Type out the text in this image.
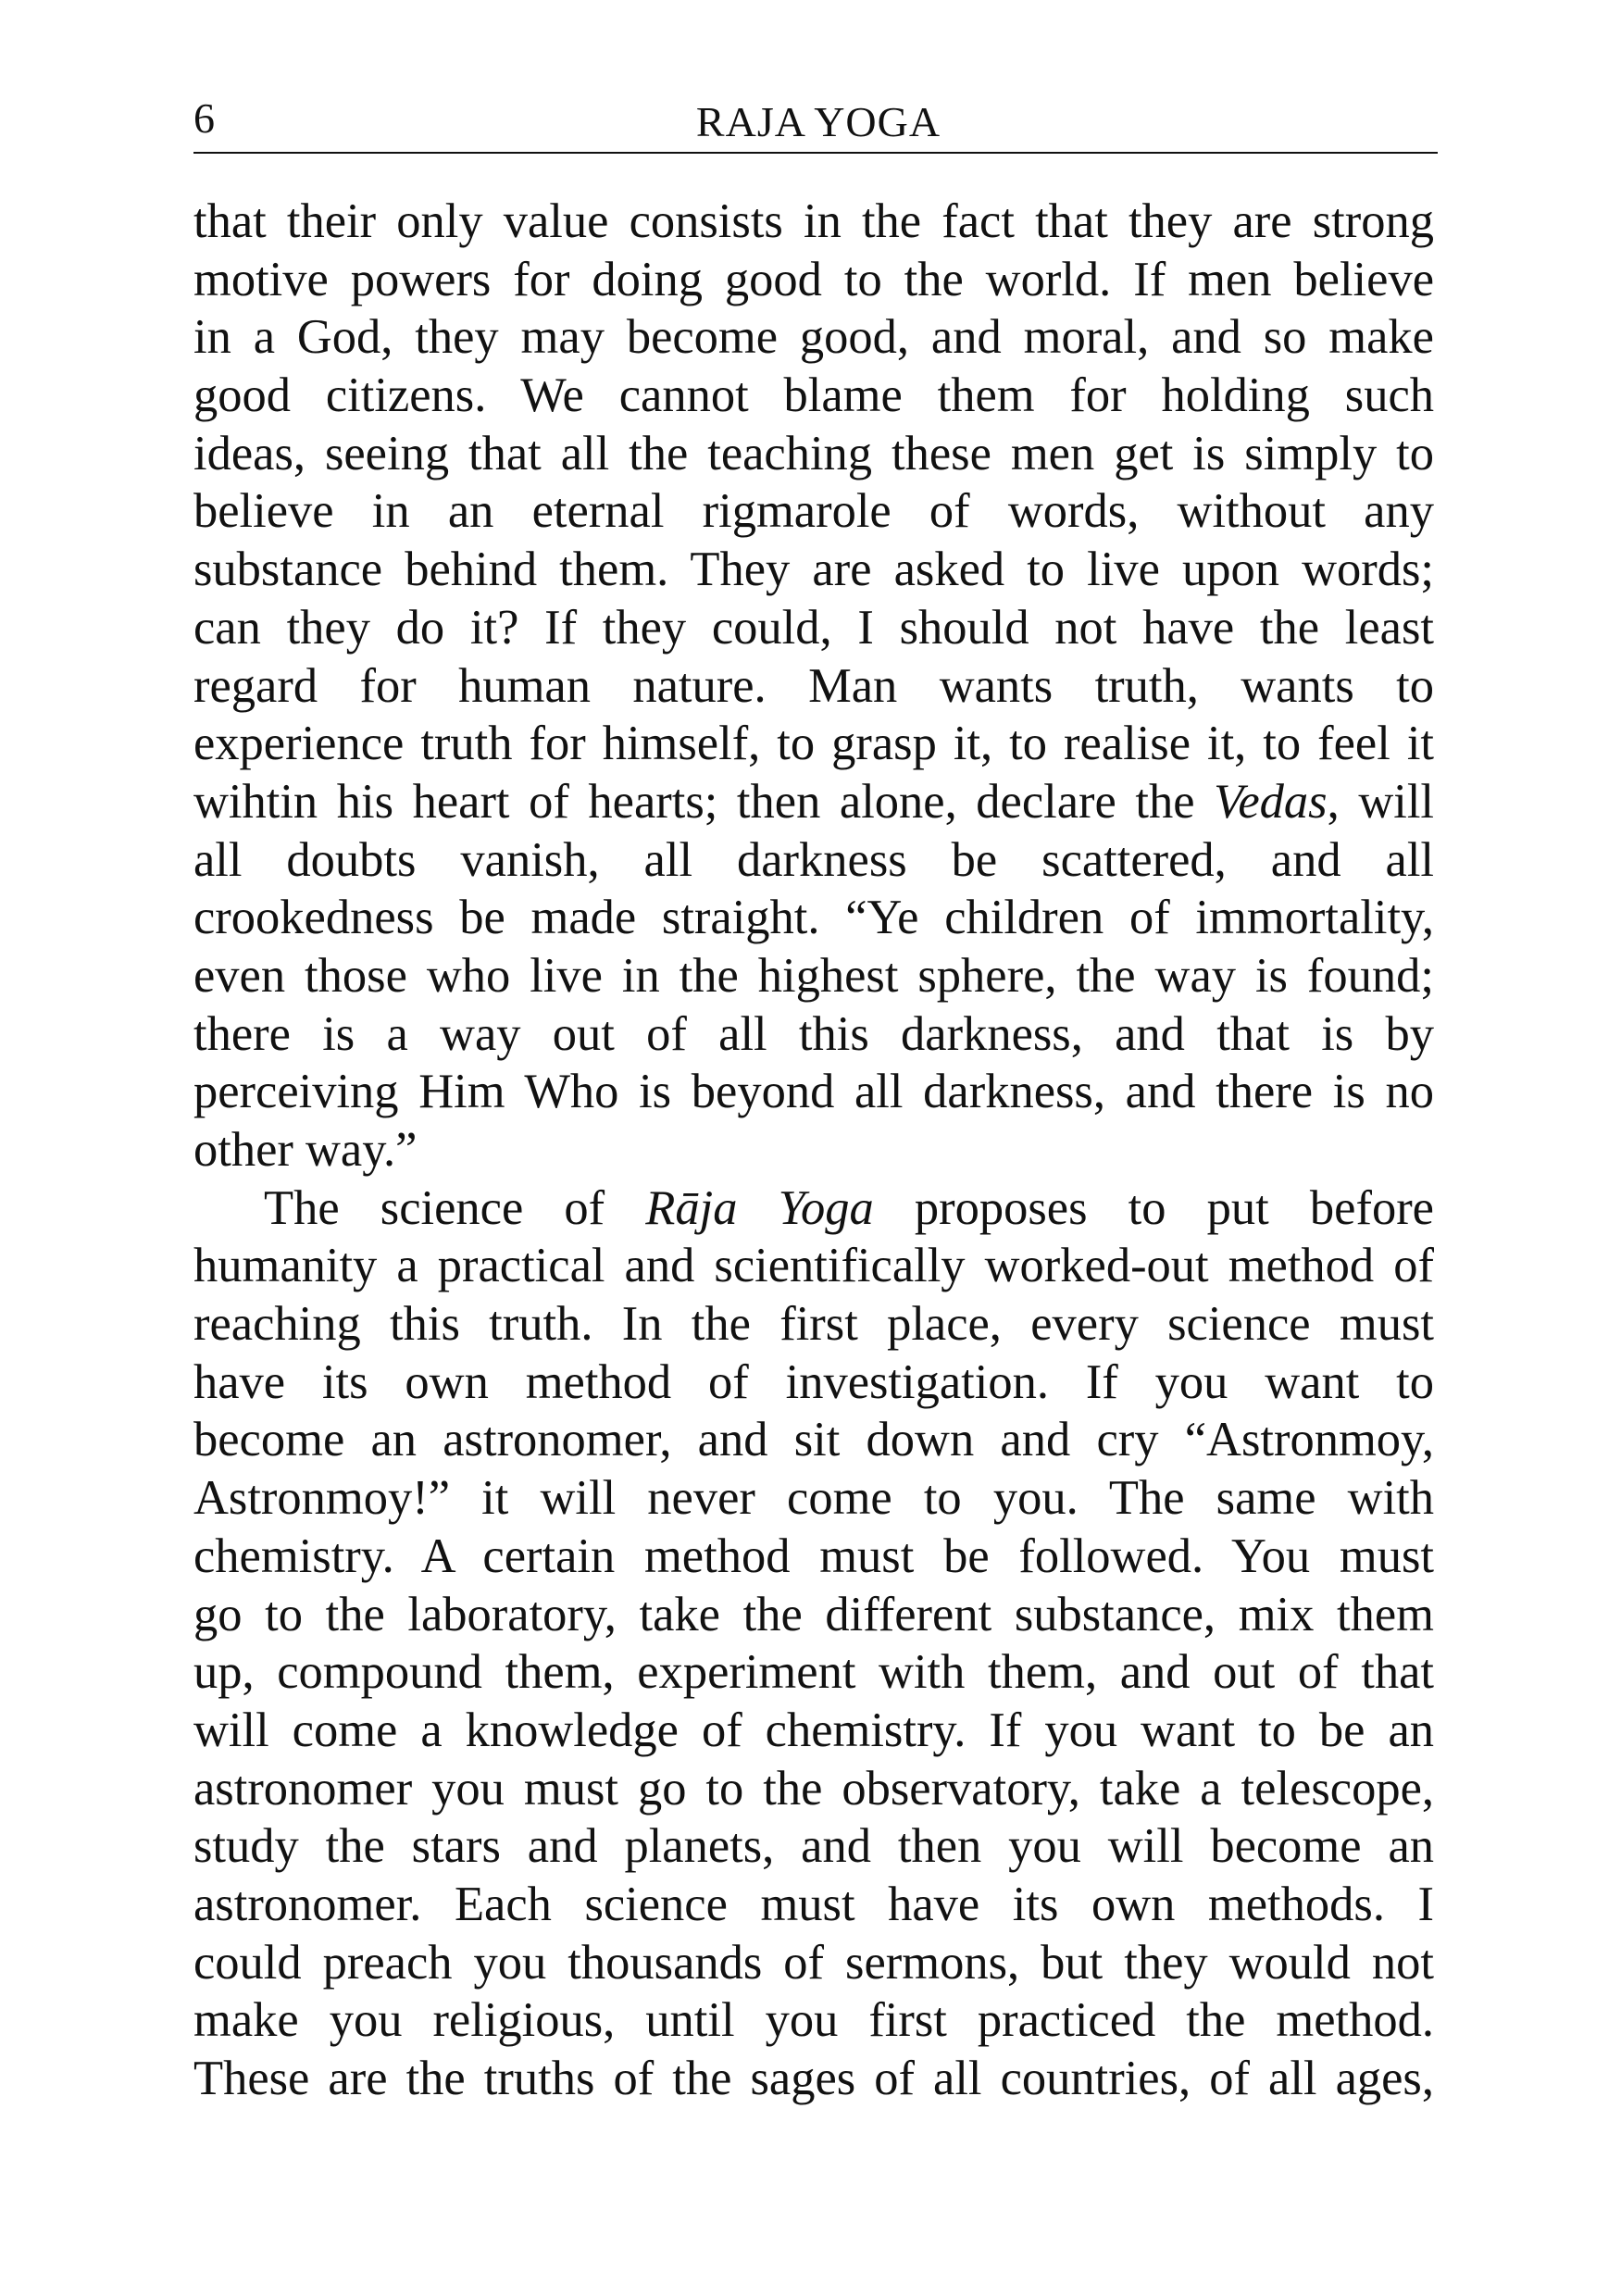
6	RAJA YOGA
that their only value consists in the fact that they are strong
motive powers for doing good to the world. If men believe
in a God, they may become good, and moral, and so make
good citizens. We cannot blame them for holding such
ideas, seeing that all the teaching these men get is simply to
believe in an eternal rigmarole of words, without any
substance behind them. They are asked to live upon words;
can they do it? If they could, I should not have the least
regard for human nature. Man wants truth, wants to
experience truth for himself, to grasp it, to realise it, to feel it
wihtin his heart of hearts; then alone, declare the Vedas, will
all doubts vanish, all darkness be scattered, and all
crookedness be made straight. “Ye children of immortality,
even those who live in the highest sphere, the way is found;
there is a way out of all this darkness, and that is by
perceiving Him Who is beyond all darkness, and there is no
other way.”
The science of Rāja Yoga proposes to put before
humanity a practical and scientifically worked-out method of
reaching this truth. In the first place, every science must
have its own method of investigation. If you want to
become an astronomer, and sit down and cry “Astronmoy,
Astronmoy!” it will never come to you. The same with
chemistry. A certain method must be followed. You must
go to the laboratory, take the different substance, mix them
up, compound them, experiment with them, and out of that
will come a knowledge of chemistry. If you want to be an
astronomer you must go to the observatory, take a telescope,
study the stars and planets, and then you will become an
astronomer. Each science must have its own methods. I
could preach you thousands of sermons, but they would not
make you religious, until you first practiced the method.
These are the truths of the sages of all countries, of all ages,
